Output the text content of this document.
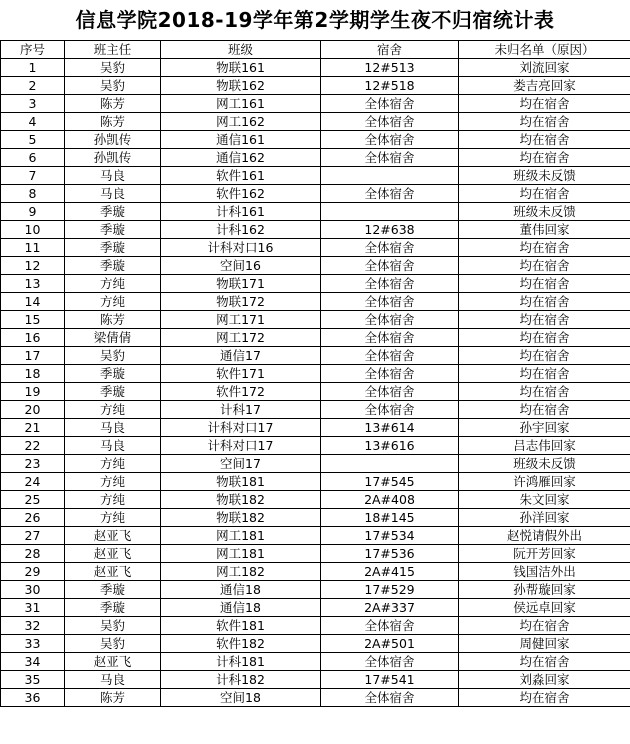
信息学院2018-19学年第2学期学生夜不归宿统计表
序号	班主任	班级	宿舍	未归名单（原因）
1	吴豹	物联161	12#513	刘流回家
2	吴豹	物联162	12#518	娄吉亮回家
3	陈芳	网工161	全体宿舍	均在宿舍
4	陈芳	网工162	全体宿舍	均在宿舍
5	孙凯传	通信161	全体宿舍	均在宿舍
6	孙凯传	通信162	全体宿舍	均在宿舍
7	马良	软件161		班级未反馈
8	马良	软件162	全体宿舍	均在宿舍
9	季璇	计科161		班级未反馈
10	季璇	计科162	12#638	董伟回家
11	季璇	计科对口16	全体宿舍	均在宿舍
12	季璇	空间16	全体宿舍	均在宿舍
13	方纯	物联171	全体宿舍	均在宿舍
14	方纯	物联172	全体宿舍	均在宿舍
15	陈芳	网工171	全体宿舍	均在宿舍
16	梁倩倩	网工172	全体宿舍	均在宿舍
17	吴豹	通信17	全体宿舍	均在宿舍
18	季璇	软件171	全体宿舍	均在宿舍
19	季璇	软件172	全体宿舍	均在宿舍
20	方纯	计科17	全体宿舍	均在宿舍
21	马良	计科对口17	13#614	孙宇回家
22	马良	计科对口17	13#616	吕志伟回家
23	方纯	空间17		班级未反馈
24	方纯	物联181	17#545	许鸿雁回家
25	方纯	物联182	2A#408	朱文回家
26	方纯	物联182	18#145	孙洋回家
27	赵亚飞	网工181	17#534	赵悦请假外出
28	赵亚飞	网工181	17#536	阮开芳回家
29	赵亚飞	网工182	2A#415	钱国洁外出
30	季璇	通信18	17#529	孙帮璇回家
31	季璇	通信18	2A#337	侯远卓回家
32	吴豹	软件181	全体宿舍	均在宿舍
33	吴豹	软件182	2A#501	周健回家
34	赵亚飞	计科181	全体宿舍	均在宿舍
35	马良	计科182	17#541	刘淼回家
36	陈芳	空间18	全体宿舍	均在宿舍
